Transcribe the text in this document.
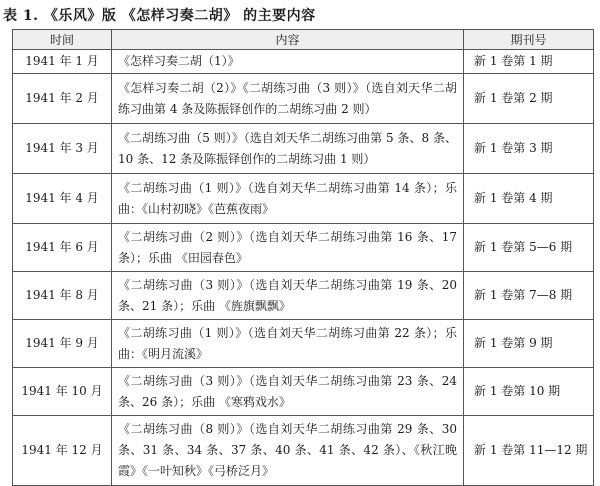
表 1. 《乐风》版 《怎样习奏二胡》 的主要内容
时间	内容	期刊号
1941 年 1 月	《怎样习奏二胡（1）》	新 1 卷第 1 期
1941 年 2 月	《怎样习奏二胡（2）》《二胡练习曲（3 则）》（选自刘天华二胡练习曲第 4 条及陈振铎创作的二胡练习曲 2 则）	新 1 卷第 2 期
1941 年 3 月	《二胡练习曲（5 则）》（选自刘天华二胡练习曲第 5 条、8 条、10 条、12 条及陈振铎创作的二胡练习曲 1 则）	新 1 卷第 3 期
1941 年 4 月	《二胡练习曲（1 则）》（选自刘天华二胡练习曲第 14 条）；乐曲：《山村初晓》《芭蕉夜雨》	新 1 卷第 4 期
1941 年 6 月	《二胡练习曲（2 则）》（选自刘天华二胡练习曲第 16 条、17 条）；乐曲 《田园春色》	新 1 卷第 5—6 期
1941 年 8 月	《二胡练习曲（3 则）》（选自刘天华二胡练习曲第 19 条、20 条、21 条）；乐曲 《旌旗飘飘》	新 1 卷第 7—8 期
1941 年 9 月	《二胡练习曲（1 则）》（选自刘天华二胡练习曲第 22 条）；乐曲：《明月流溪》	新 1 卷第 9 期
1941 年 10 月	《二胡练习曲（3 则）》（选自刘天华二胡练习曲第 23 条、24 条、26 条）；乐曲 《寒鸦戏水》	新 1 卷第 10 期
1941 年 12 月	《二胡练习曲（8 则）》（选自刘天华二胡练习曲第 29 条、30 条、31 条、34 条、37 条、40 条、41 条、42 条）、《秋江晚霞》《一叶知秋》《弓桥泛月》	新 1 卷第 11—12 期
